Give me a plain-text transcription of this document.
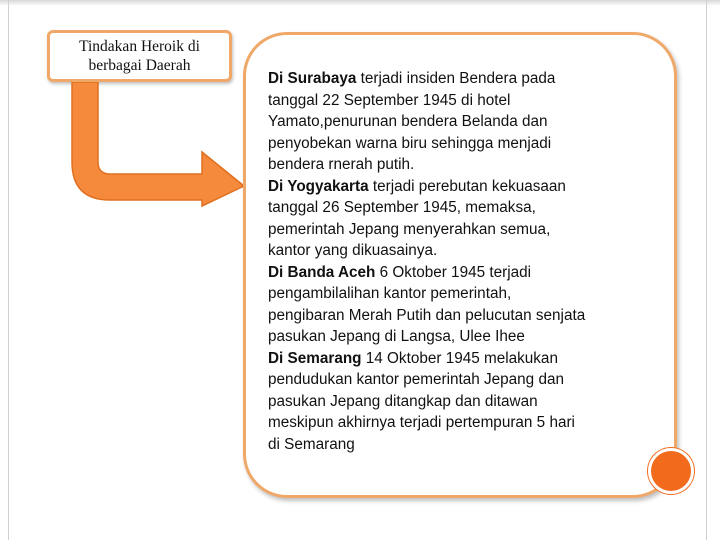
Tindakan Heroik di
berbagai Daerah

Di Surabaya terjadi insiden Bendera pada
tanggal 22 September 1945 di hotel
Yamato,penurunan bendera Belanda dan
penyobekan warna biru sehingga menjadi
bendera rnerah putih.

Di Yogyakarta terjadi perebutan kekuasaan
tanggal 26 September 1945, memaksa,
pemerintah Jepang menyerahkan semua,
kantor yang dikuasainya.

Di Banda Aceh 6 Oktober 1945 terjadi
pengambilalihan kantor pemerintah,
pengibaran Merah Putih dan pelucutan senjata
pasukan Jepang di Langsa, Ulee Ihee

Di Semarang 14 Oktober 1945 melakukan
pendudukan kantor pemerintah Jepang dan
pasukan Jepang ditangkap dan ditawan
meskipun akhirnya terjadi pertempuran 5 hari
di Semarang
